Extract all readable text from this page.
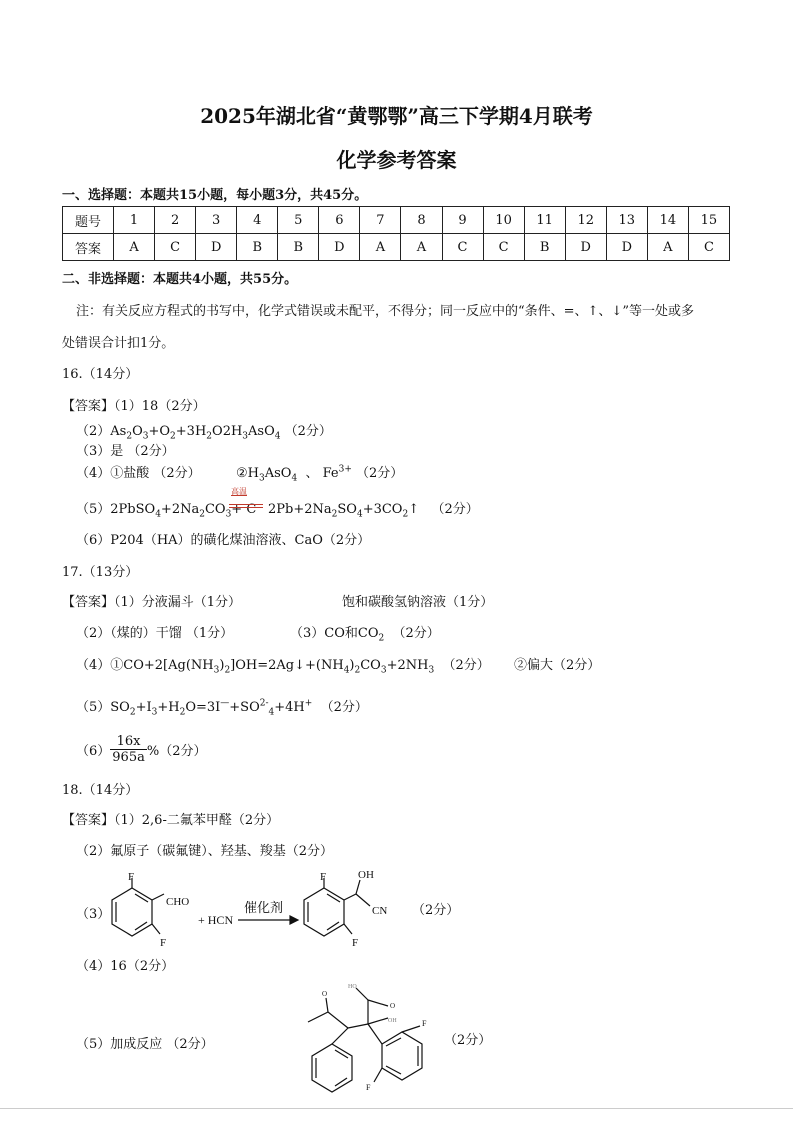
2025年湖北省“黄鄂鄂”高三下学期4月联考
化学参考答案
一、选择题：本题共15小题，每小题3分，共45分。
题号	1	2	3	4	5	6	7	8	9	10	11	12	13	14	15
答案	A	C	D	B	B	D	A	A	C	C	B	D	D	A	C
二、非选择题：本题共4小题，共55分。
注：有关反应方程式的书写中，化学式错误或未配平，不得分；同一反应中的“条件、=、↑、↓”等一处或多
处错误合计扣1分。
16.（14分）
【答案】（1）18（2分）
$(2)As_2O_3+O_2+3H_2O2H_3AsO_4$ （2分）
（3）是 （2分）
（4）①盐酸 （2分）	$②H_3AsO_4$ 、 $Fe^{3+}$ （2分）
$(5)2PbSO_4+2Na_2CO_3+ C$
高温
$2Pb+2Na_2SO_4+3CO_2↑$ （2分）
（6）P204（HA）的磺化煤油溶液、CaO（2分）
17.（13分）
【答案】（1）分液漏斗（1分）	饱和碳酸氢钠溶液（1分）
（2）（煤的）干馏 （1分）	（3）CO和$CO_2$ （2分）
$(4)①CO+2[Ag(NH_3)_2]OH=2Ag↓+(NH_4)_2CO_3+2NH_3$ （2分） ②偏大（2分）
$(5)SO_2+I_3+H_2O=3I^—+SO^{2-}_4+4H^+$ （2分）
$(6) \frac{16x}{965a} \%(2$分）
18.（14分）
【答案】（1）2,6-二氟苯甲醛（2分）
（2）氟原子（碳氟键）、羟基、羧基（2分）
（3）
F
CHO
F
+ HCN
催化剂
F	OH
CN
F
（2分）
（4）16（2分）
（5）加成反应 （2分）
O
HO
O
OH	F
F
（2分）
